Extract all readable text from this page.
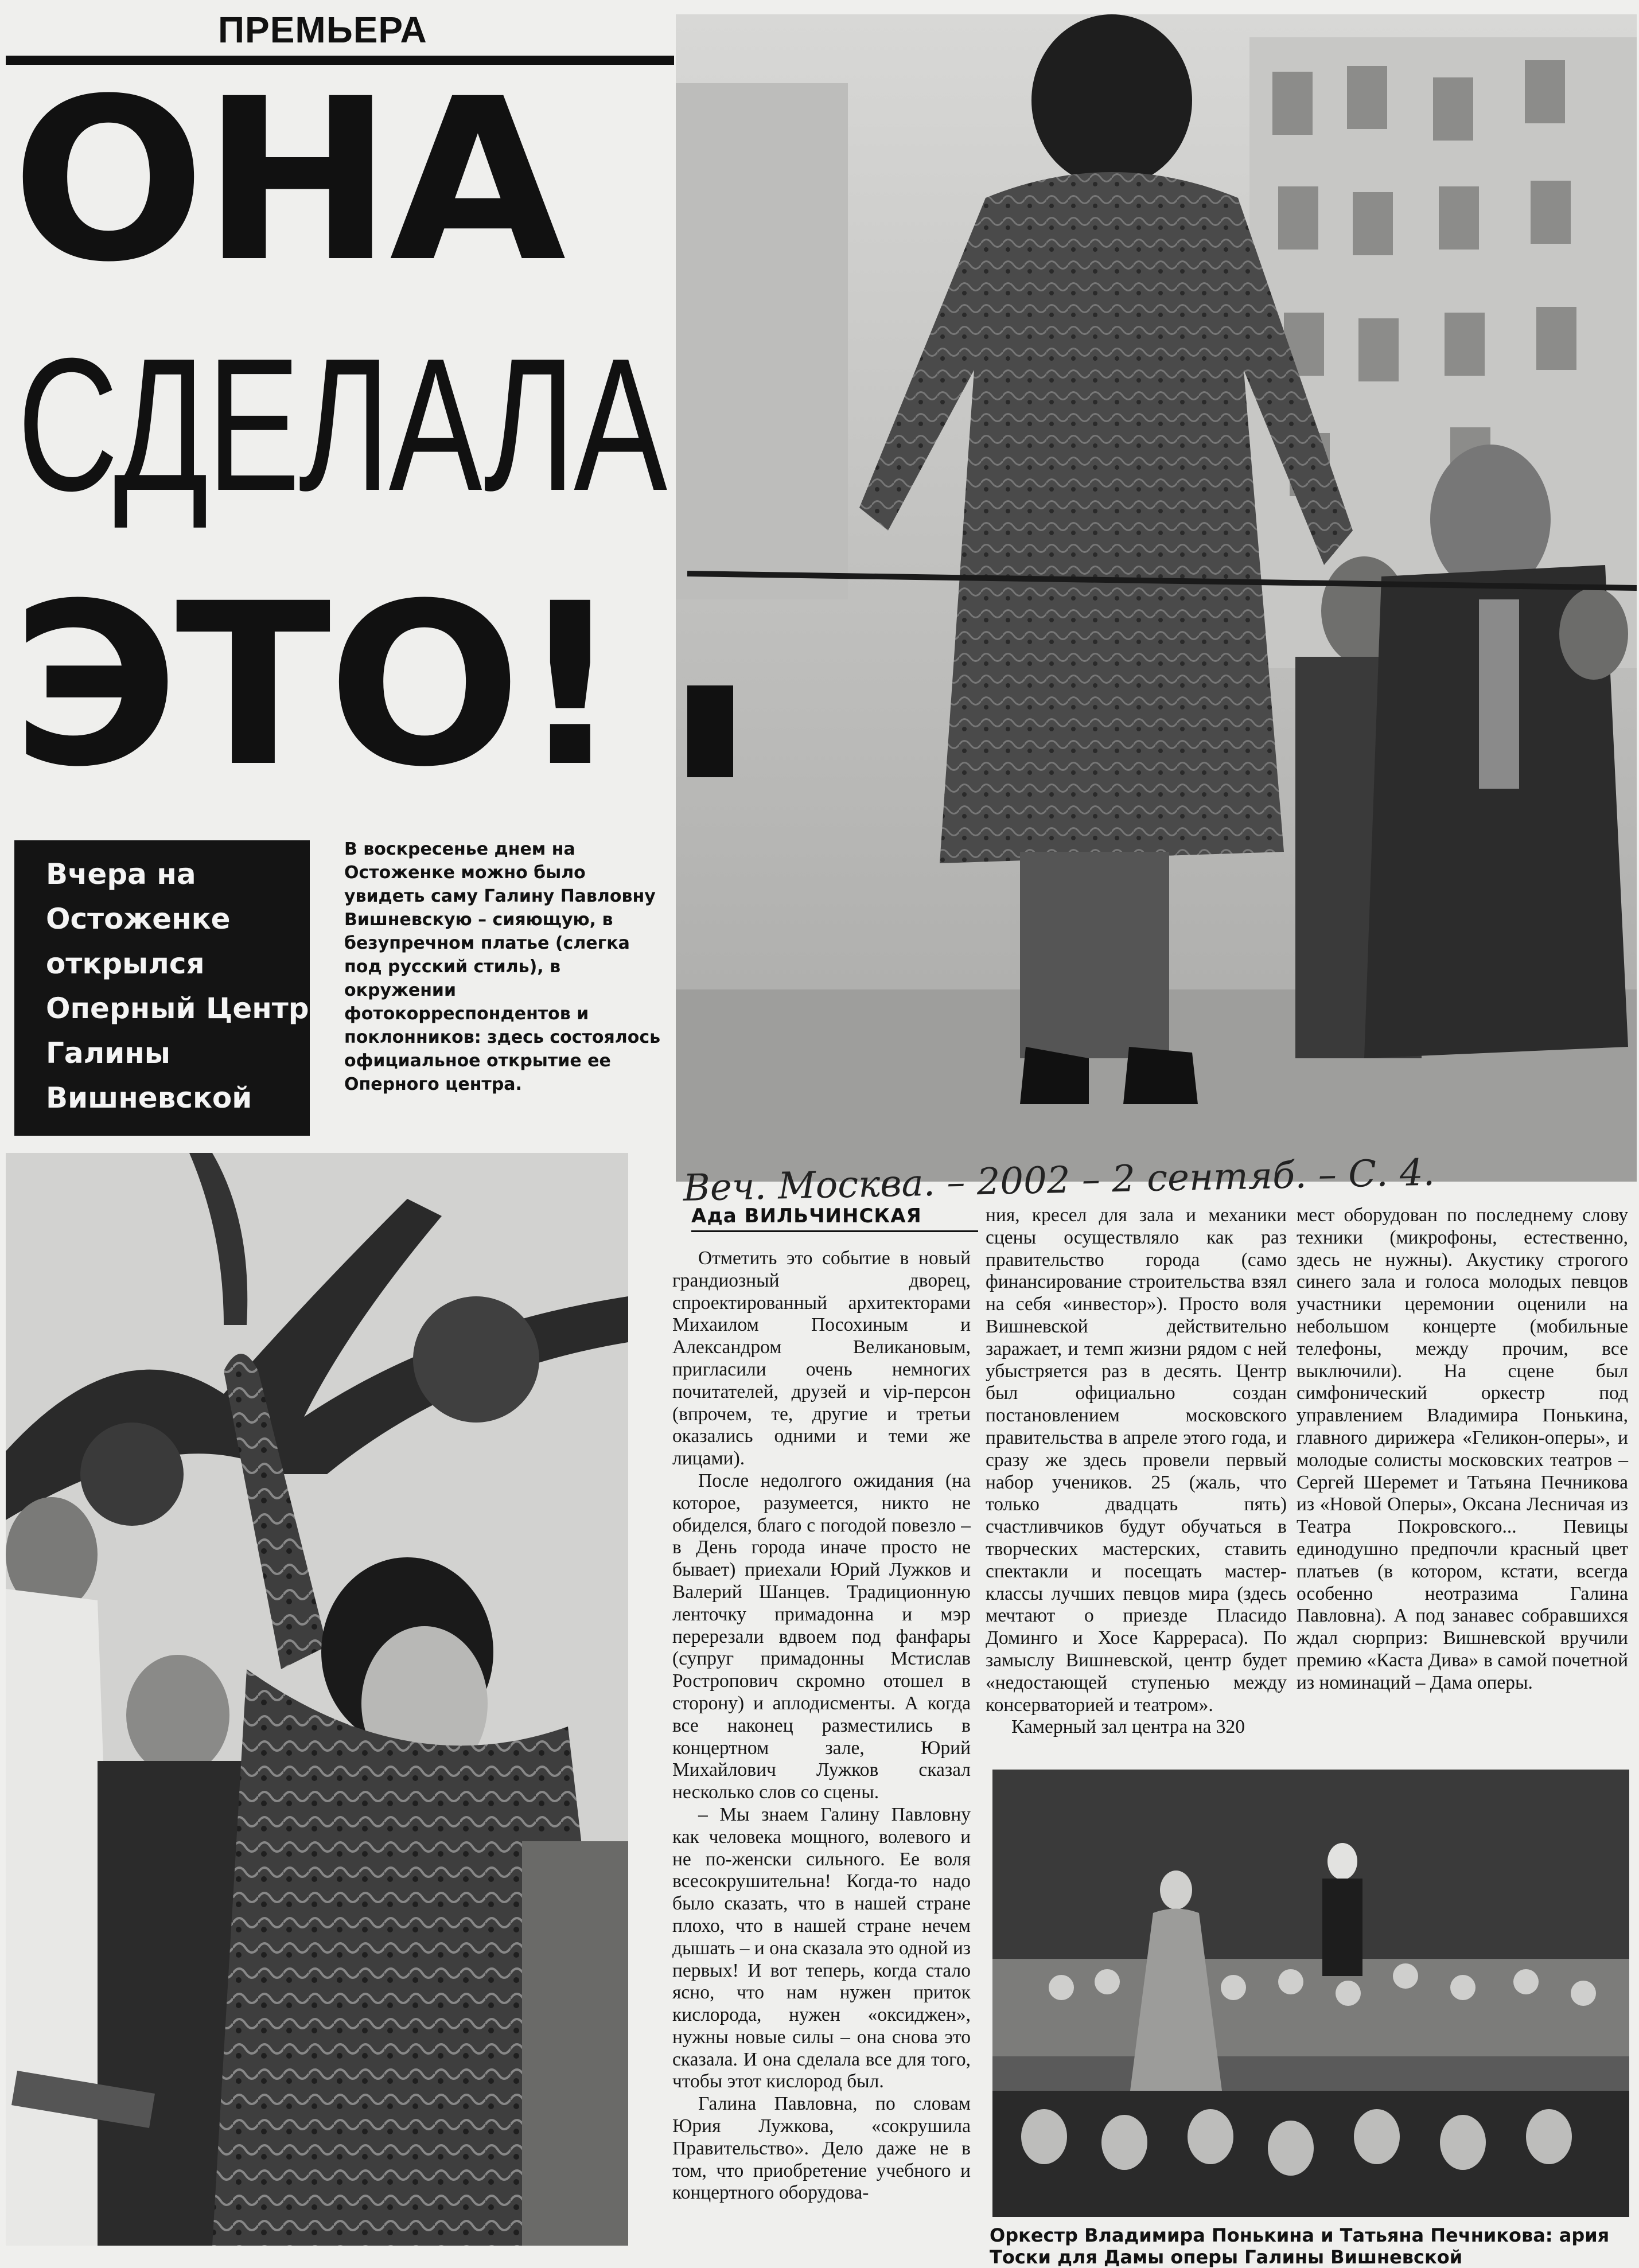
ПРЕМЬЕРА
ОНА
СДЕЛАЛА
ЭТО!

Вчера на Остоженке открылся Оперный Центр Галины Вишневской

В воскресенье днем на Остоженке можно было увидеть саму Галину Павловну Вишневскую – сияющую, в безупречном платье (слегка под русский стиль), в окружении фотокорреспондентов и поклонников: здесь состоялось официальное открытие ее Оперного центра.
Веч. Москва. – 2002 – 2 сентяб. – С. 4.
Ада ВИЛЬЧИНСКАЯ

Отметить это событие в новый грандиозный дворец, спроектированный архитекторами Михаилом Посохиным и Александром Великановым, пригласили очень немногих почитателей, друзей и vip-персон (впрочем, те, другие и третьи оказались одними и теми же лицами).

После недолгого ожидания (на которое, разумеется, никто не обиделся, благо с погодой повезло – в День города иначе просто не бывает) приехали Юрий Лужков и Валерий Шанцев. Традиционную ленточку примадонна и мэр перерезали вдвоем под фанфары (супруг примадонны Мстислав Ростропович скромно отошел в сторону) и аплодисменты. А когда все наконец разместились в концертном зале, Юрий Михайлович Лужков сказал несколько слов со сцены.

– Мы знаем Галину Павловну как человека мощного, волевого и не по-женски сильного. Ее воля всесокрушительна! Когда-то надо было сказать, что в нашей стране плохо, что в нашей стране нечем дышать – и она сказала это одной из первых! И вот теперь, когда стало ясно, что нам нужен приток кислорода, нужен «оксиджен», нужны новые силы – она снова это сказала. И она сделала все для того, чтобы этот кислород был.

Галина Павловна, по словам Юрия Лужкова, «сокрушила Правительство». Дело даже не в том, что приобретение учебного и концертного оборудова-

ния, кресел для зала и механики сцены осуществляло как раз правительство города (само финансирование строительства взял на себя «инвестор»). Просто воля Вишневской действительно заражает, и темп жизни рядом с ней убыстряется раз в десять. Центр был официально создан постановлением московского правительства в апреле этого года, и сразу же здесь провели первый набор учеников. 25 (жаль, что только двадцать пять) счастливчиков будут обучаться в творческих мастерских, ставить спектакли и посещать мастер-классы лучших певцов мира (здесь мечтают о приезде Пласидо Доминго и Хосе Каррераса). По замыслу Вишневской, центр будет «недостающей ступенью между консерваторией и театром».

Камерный зал центра на 320

мест оборудован по последнему слову техники (микрофоны, естественно, здесь не нужны). Акустику строгого синего зала и голоса молодых певцов участники церемонии оценили на небольшом концерте (мобильные телефоны, между прочим, все выключили). На сцене был симфонический оркестр под управлением Владимира Понькина, главного дирижера «Геликон-оперы», и молодые солисты московских театров – Сергей Шеремет и Татьяна Печникова из «Новой Оперы», Оксана Лесничая из Театра Покровского... Певицы единодушно предпочли красный цвет платьев (в котором, кстати, всегда особенно неотразима Галина Павловна). А под занавес собравшихся ждал сюрприз: Вишневской вручили премию «Каста Дива» в самой почетной из номинаций – Дама оперы.

Оркестр Владимира Понькина и Татьяна Печникова: ария Тоски для Дамы оперы Галины Вишневской
